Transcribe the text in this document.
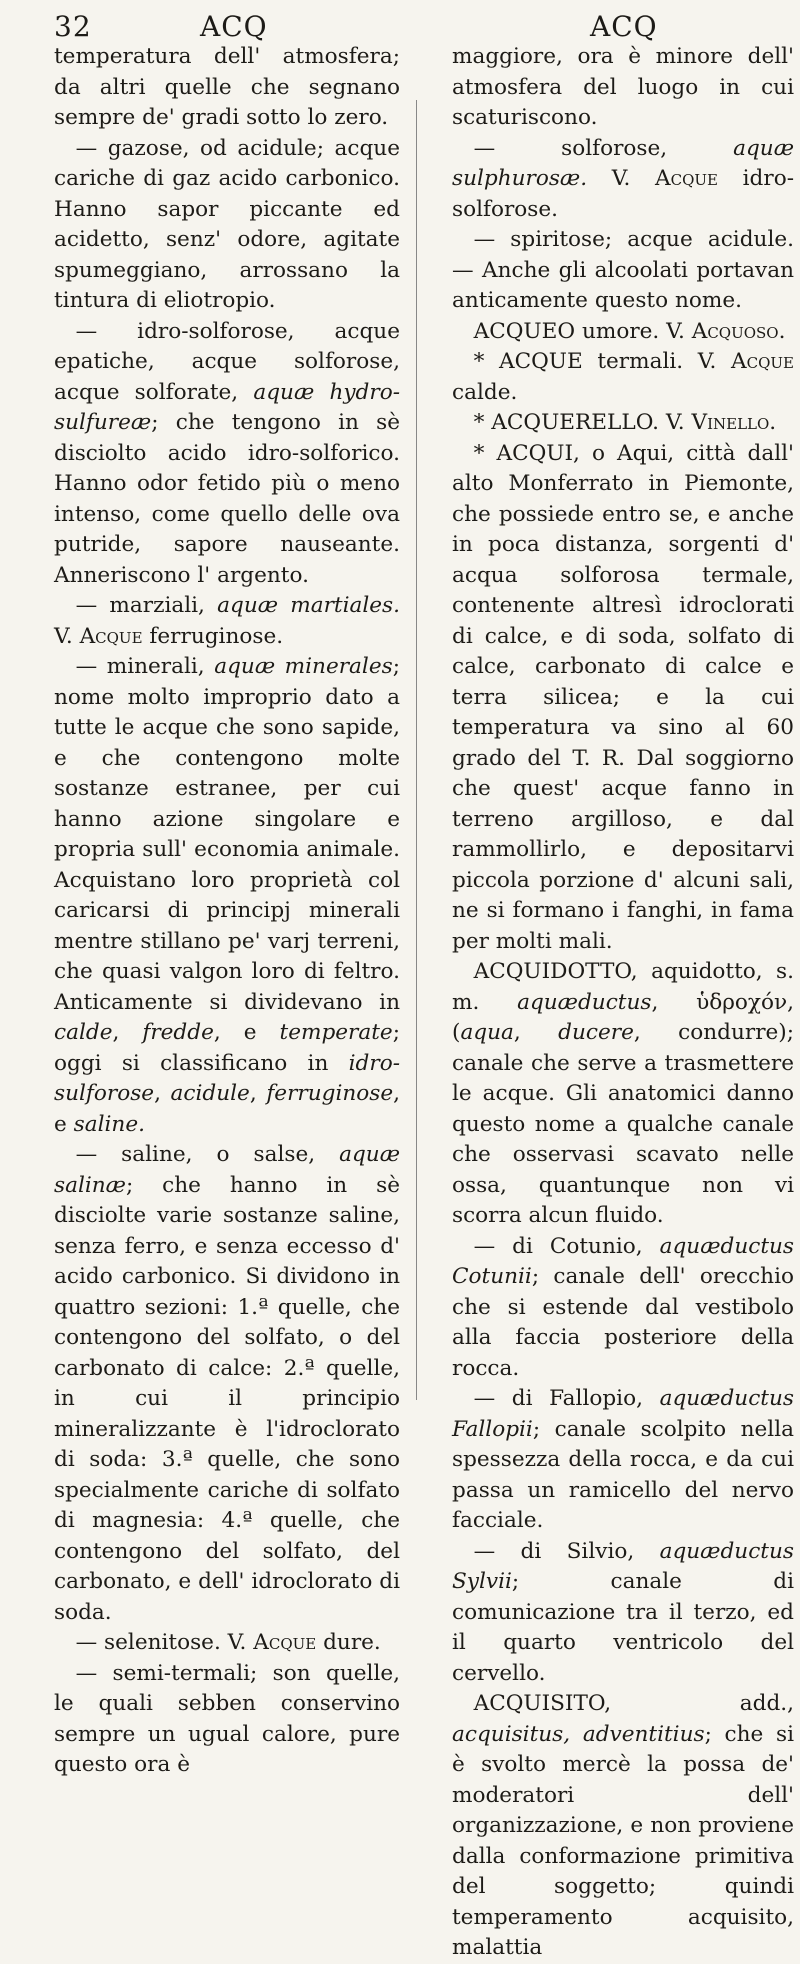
32	ACQ	ACQ

temperatura dell' atmosfera; da altri quelle che segnano sempre de' gradi sotto lo zero.

 — gazose, od acidule; acque cariche di gaz acido carbonico. Hanno sapor piccante ed acidetto, senz' odore, agitate spumeggiano, arrossano la tintura di eliotropio.

 — idro-solforose, acque epatiche, acque solforose, acque solforate, aquæ hydro-sulfureæ; che tengono in sè disciolto acido idro-solforico. Hanno odor fetido più o meno intenso, come quello delle ova putride, sapore nauseante. Anneriscono l' argento.

 — marziali, aquæ martiales. V. Acque ferruginose.

 — minerali, aquæ minerales; nome molto improprio dato a tutte le acque che sono sapide, e che contengono molte sostanze estranee, per cui hanno azione singolare e propria sull' economia animale. Acquistano loro proprietà col caricarsi di principj minerali mentre stillano pe' varj terreni, che quasi valgon loro di feltro. Anticamente si dividevano in calde, fredde, e temperate; oggi si classificano in idro-sulforose, acidule, ferruginose, e saline.

 — saline, o salse, aquæ salinæ; che hanno in sè disciolte varie sostanze saline, senza ferro, e senza eccesso d' acido carbonico. Si dividono in quattro sezioni: 1.ª quelle, che contengono del solfato, o del carbonato di calce: 2.ª quelle, in cui il principio mineralizzante è l'idroclorato di soda: 3.ª quelle, che sono specialmente cariche di solfato di magnesia: 4.ª quelle, che contengono del solfato, del carbonato, e dell' idroclorato di soda.

 — selenitose. V. Acque dure.

 — semi-termali; son quelle, le quali sebben conservino sempre un ugual calore, pure questo ora è

maggiore, ora è minore dell' atmosfera del luogo in cui scaturiscono.

 — solforose,	aquæ sulphurosæ. V. Acque idro-solforose.

 — spiritose; acque acidule. — Anche gli alcoolati portavan anticamente questo nome.

 ACQUEO umore. V. Acquoso.

 * ACQUE termali. V. Acque calde.

 * ACQUERELLO. V. Vinello.

 * ACQUI, o Aqui, città dall' alto Monferrato in Piemonte, che possiede entro se, e anche in poca distanza, sorgenti d' acqua solforosa termale, contenente altresì idroclorati di calce, e di soda, solfato di calce, carbonato di calce e terra silicea; e la cui temperatura va sino al 60 grado del T. R. Dal soggiorno che quest' acque fanno in terreno argilloso, e dal rammollirlo, e depositarvi piccola porzione d' alcuni sali, ne si formano i fanghi, in fama per molti mali.

 ACQUIDOTTO, aquidotto, s. m. aquæductus, ὑδροχόν, (aqua, ducere, condurre); canale che serve a trasmettere le acque. Gli anatomici danno questo nome a qualche canale che osservasi scavato nelle ossa, quantunque non vi scorra alcun fluido.

 — di Cotunio, aquæductus Cotunii; canale dell' orecchio che si estende dal vestibolo alla faccia posteriore della rocca.

 — di Fallopio, aquæductus Fallopii; canale scolpito nella spessezza della rocca, e da cui passa un ramicello del nervo facciale.

 — di Silvio, aquæductus Sylvii; canale di comunicazione tra il terzo, ed il quarto ventricolo del cervello.

 ACQUISITO, add., acquisitus, adventitius; che si è svolto mercè la possa de' moderatori dell' organizzazione, e non proviene dalla conformazione primitiva del soggetto; quindi temperamento acquisito, malattia
